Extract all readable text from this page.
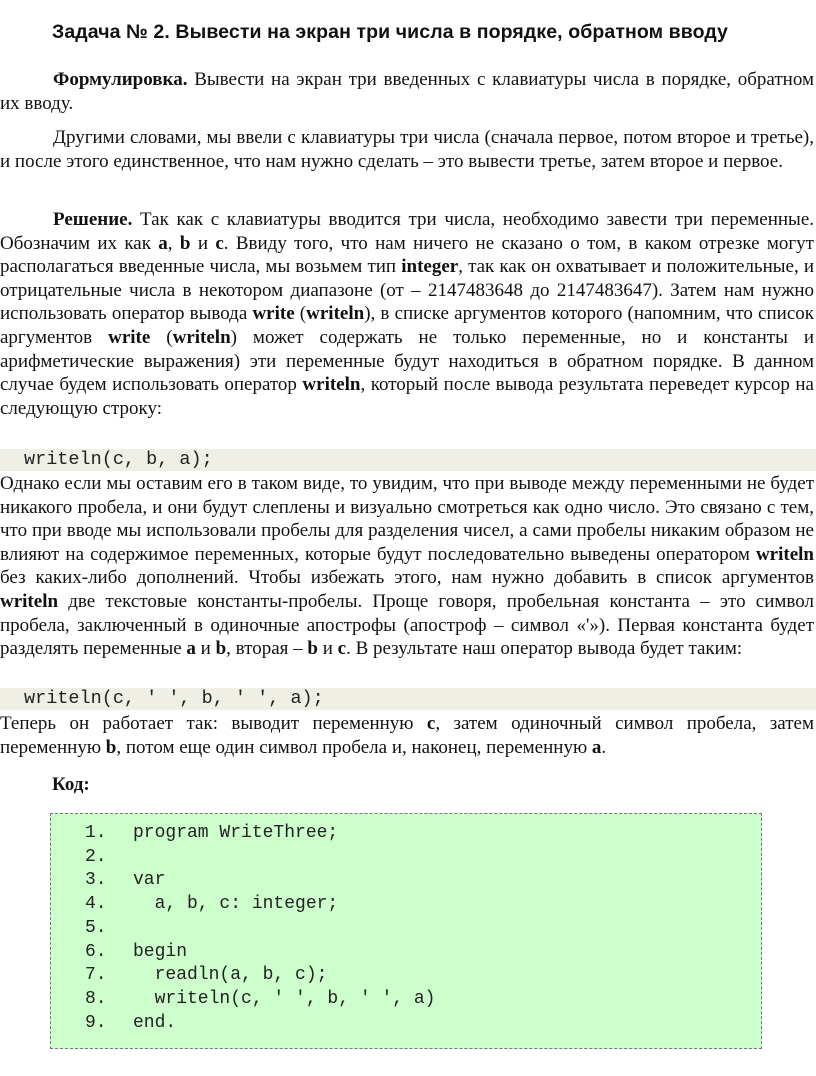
Задача № 2. Вывести на экран три числа в порядке, обратном вводу

Формулировка. Вывести на экран три введенных с клавиатуры числа в порядке, обратном их вводу.

Другими словами, мы ввели с клавиатуры три числа (сначала первое, потом второе и третье), и после этого единственное, что нам нужно сделать – это вывести третье, затем второе и первое.

Решение. Так как с клавиатуры вводится три числа, необходимо завести три переменные. Обозначим их как a, b и c. Ввиду того, что нам ничего не сказано о том, в каком отрезке могут располагаться введенные числа, мы возьмем тип integer, так как он охватывает и положительные, и отрицательные числа в некотором диапазоне (от – 2147483648 до 2147483647). Затем нам нужно использовать оператор вывода write (writeln), в списке аргументов которого (напомним, что список аргументов write (writeln) может содержать не только переменные, но и константы и арифметические выражения) эти переменные будут находиться в обратном порядке. В данном случае будем использовать оператор writeln, который после вывода результата переведет курсор на следующую строку:

writeln(c, b, a);

Однако если мы оставим его в таком виде, то увидим, что при выводе между переменными не будет никакого пробела, и они будут слеплены и визуально смотреться как одно число. Это связано с тем, что при вводе мы использовали пробелы для разделения чисел, а сами пробелы никаким образом не влияют на содержимое переменных, которые будут последовательно выведены оператором writeln без каких-либо дополнений. Чтобы избежать этого, нам нужно добавить в список аргументов writeln две текстовые константы-пробелы. Проще говоря, пробельная константа – это символ пробела, заключенный в одиночные апострофы (апостроф – символ «'»). Первая константа будет разделять переменные a и b, вторая – b и c. В результате наш оператор вывода будет таким:

writeln(c, ' ', b, ' ', a);

Теперь он работает так: выводит переменную c, затем одиночный символ пробела, затем переменную b, потом еще один символ пробела и, наконец, переменную a.

Код:
1.	program WriteThree;
2.
3.	var
4.	a, b, c: integer;
5.
6.	begin
7.	readln(a, b, c);
8.	writeln(c, ' ', b, ' ', a)
9.	end.
